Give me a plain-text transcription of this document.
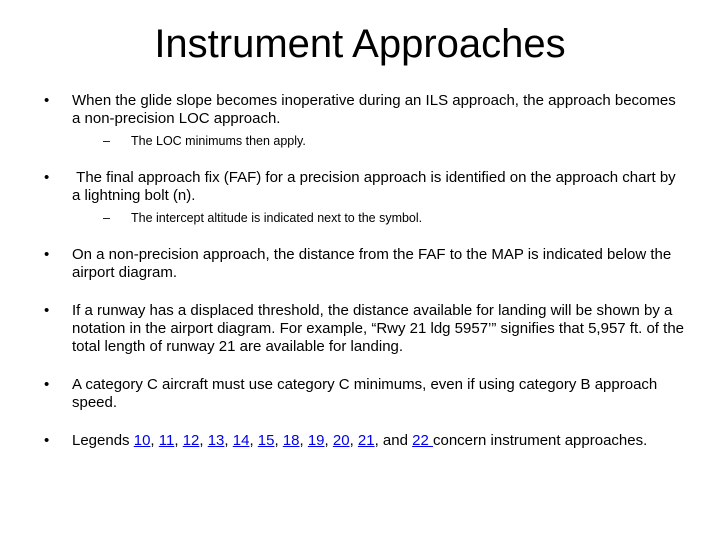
Instrument Approaches
• When the glide slope becomes inoperative during an ILS approach, the approach becomes a non-precision LOC approach.
– The LOC minimums then apply.
• The final approach fix (FAF) for a precision approach is identified on the approach chart by a lightning bolt (n).
– The intercept altitude is indicated next to the symbol.
• On a non-precision approach, the distance from the FAF to the MAP is indicated below the airport diagram.
• If a runway has a displaced threshold, the distance available for landing will be shown by a notation in the airport diagram. For example, “Rwy 21 ldg 5957’” signifies that 5,957 ft. of the total length of runway 21 are available for landing.
• A category C aircraft must use category C minimums, even if using category B approach speed.
• Legends 10, 11, 12, 13, 14, 15, 18, 19, 20, 21, and 22 concern instrument approaches.
